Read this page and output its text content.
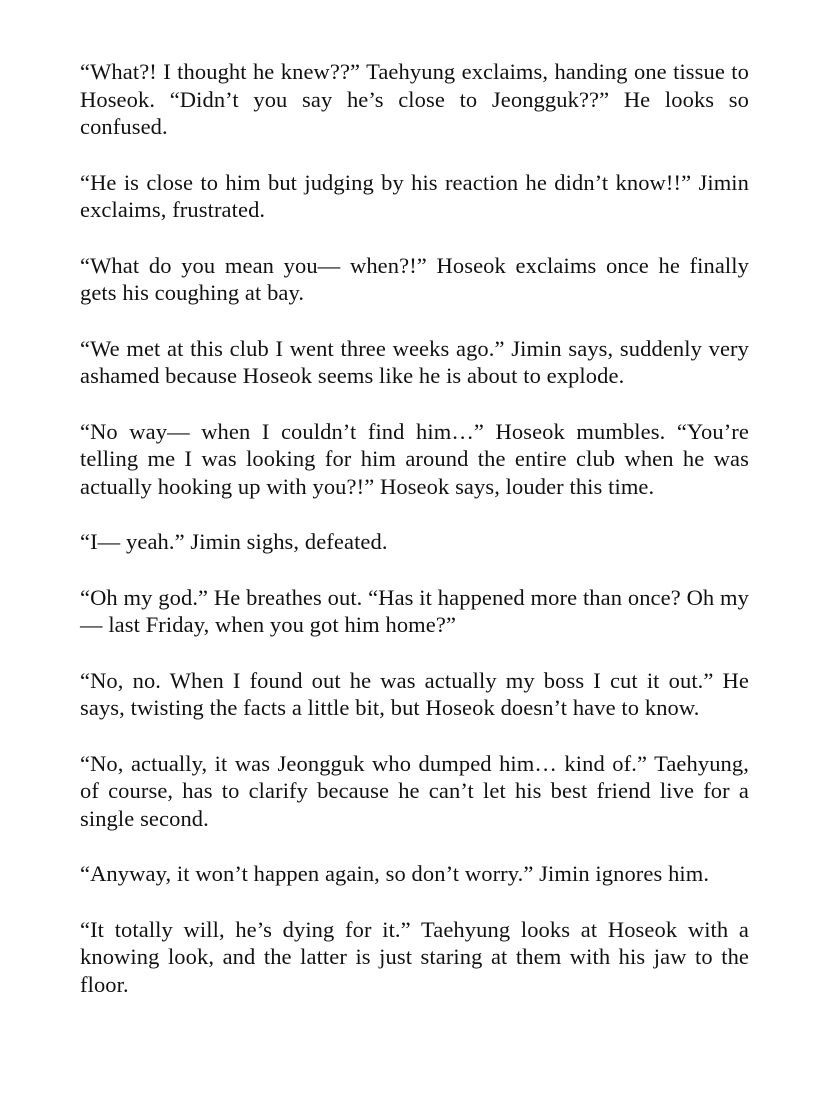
“What?! I thought he knew??” Taehyung exclaims, handing one tissue to Hoseok. “Didn’t you say he’s close to Jeongguk??” He looks so confused.

“He is close to him but judging by his reaction he didn’t know!!” Jimin exclaims, frustrated.

“What do you mean you— when?!” Hoseok exclaims once he finally gets his coughing at bay.

“We met at this club I went three weeks ago.” Jimin says, suddenly very ashamed because Hoseok seems like he is about to explode.

“No way— when I couldn’t find him…” Hoseok mumbles. “You’re telling me I was looking for him around the entire club when he was actually hooking up with you?!” Hoseok says, louder this time.

“I— yeah.” Jimin sighs, defeated.

“Oh my god.” He breathes out. “Has it happened more than once? Oh my— last Friday, when you got him home?”

“No, no. When I found out he was actually my boss I cut it out.” He says, twisting the facts a little bit, but Hoseok doesn’t have to know.

“No, actually, it was Jeongguk who dumped him… kind of.” Taehyung, of course, has to clarify because he can’t let his best friend live for a single second.

“Anyway, it won’t happen again, so don’t worry.” Jimin ignores him.

“It totally will, he’s dying for it.” Taehyung looks at Hoseok with a knowing look, and the latter is just staring at them with his jaw to the floor.
